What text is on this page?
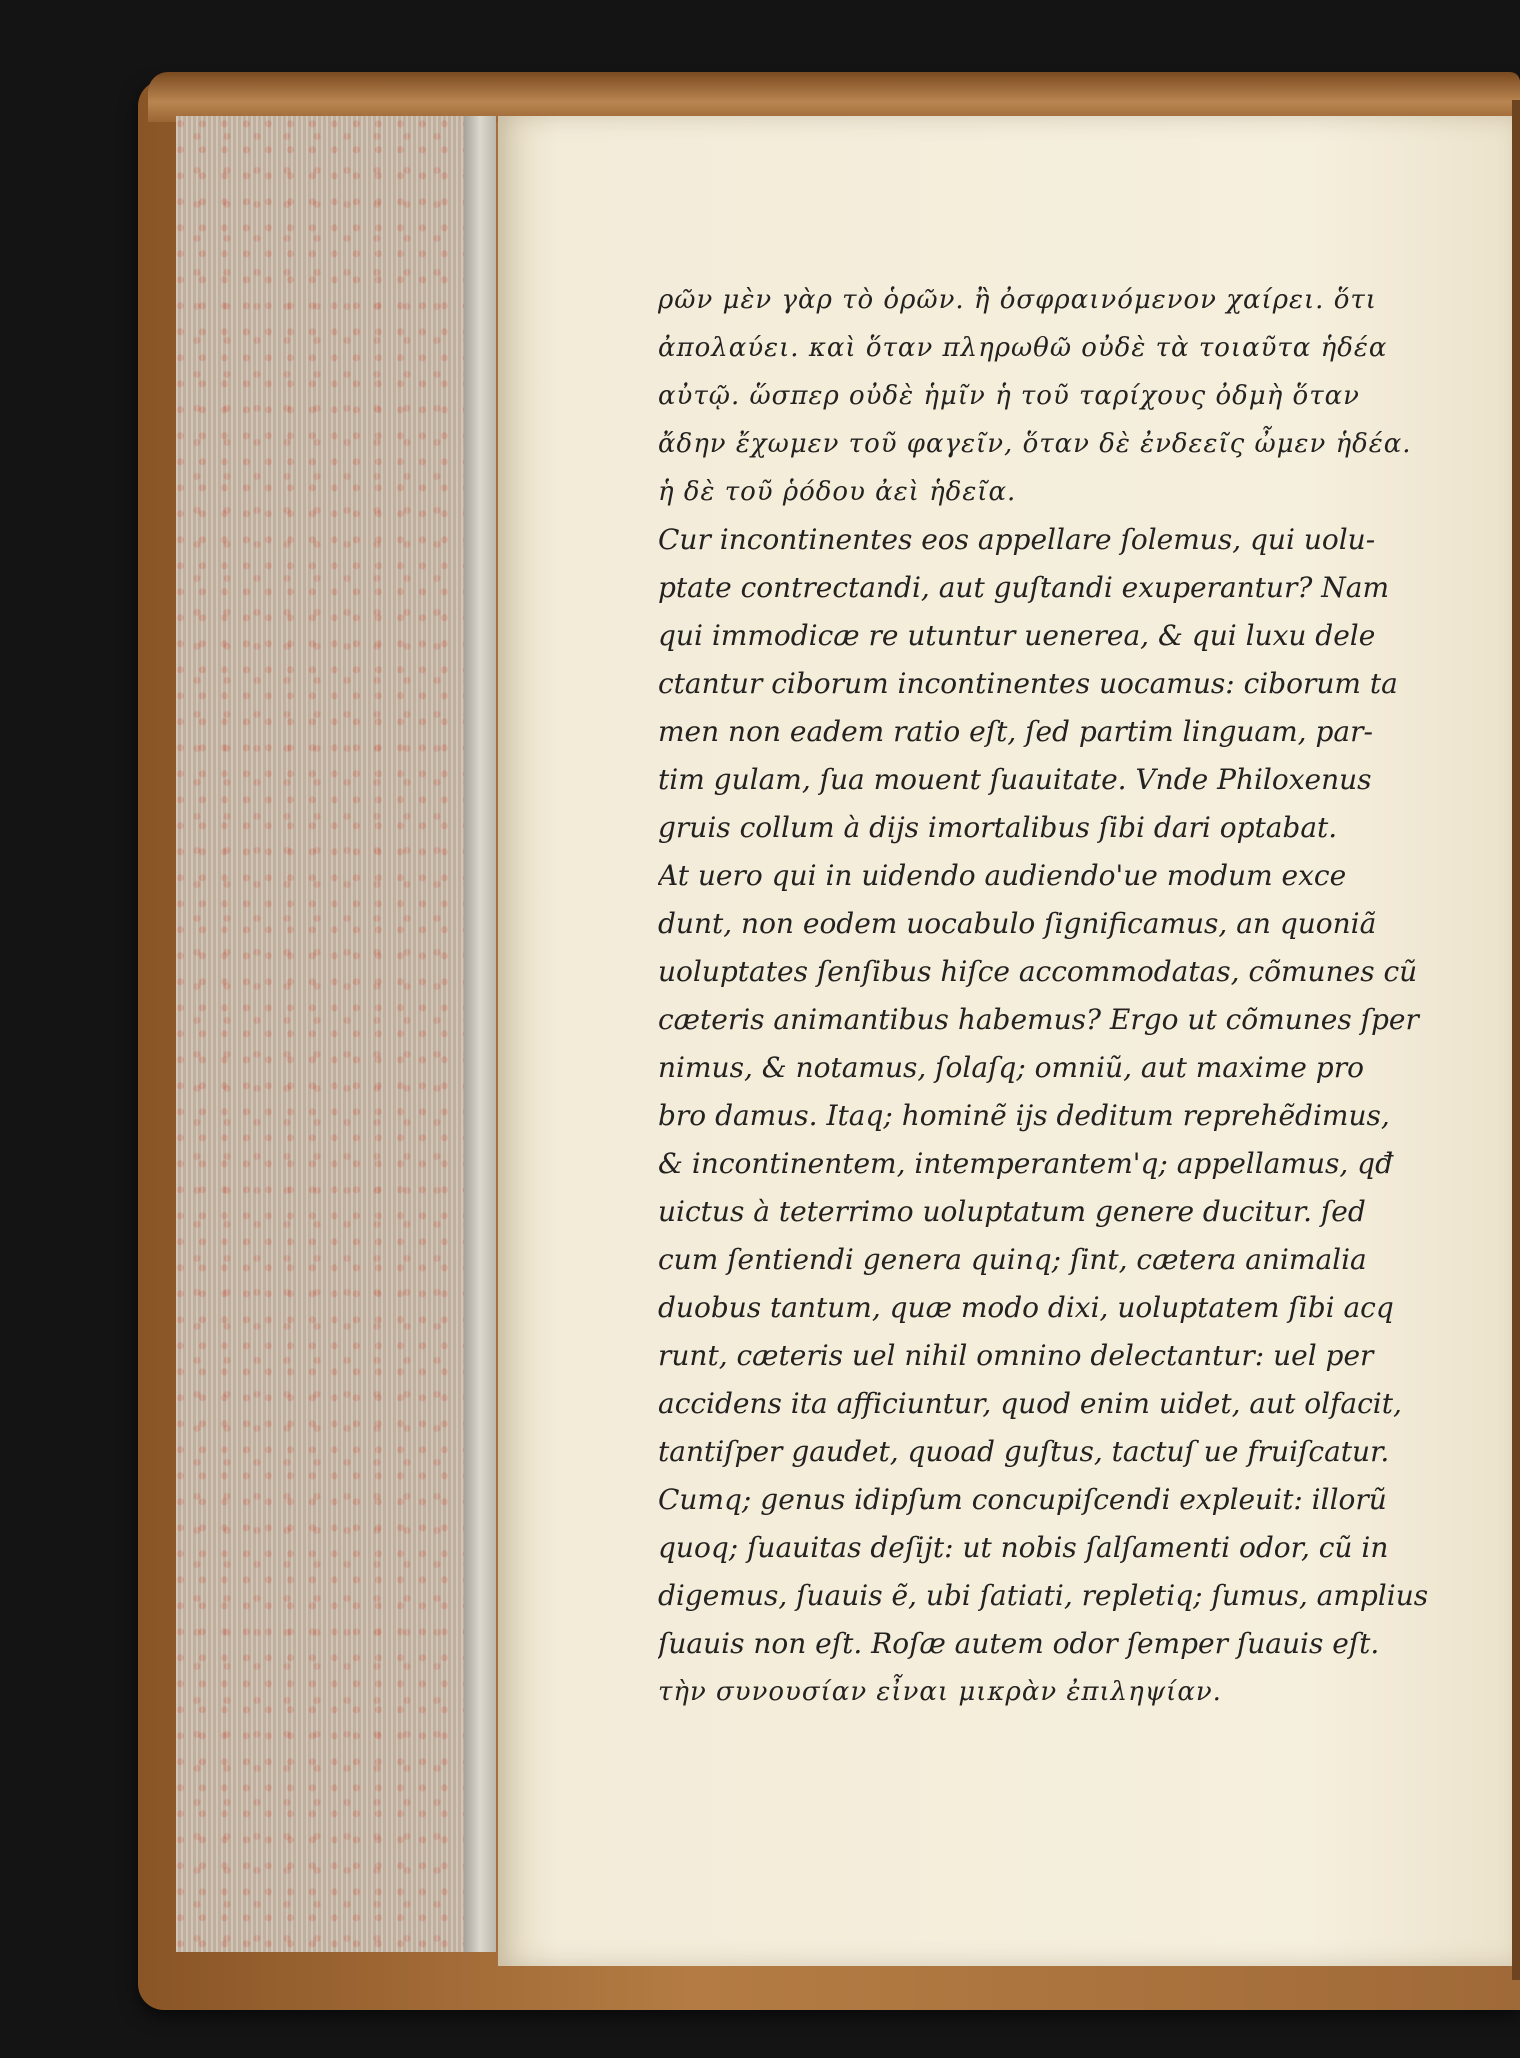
ρῶν μὲν γὰρ τὸ ὁρῶν. ἢ ὀσφραινόμενον χαίρει. ὅτι
ἀπολαύει. καὶ ὅταν πληρωθῶ οὐδὲ τὰ τοιαῦτα ἡδέα
αὐτῷ. ὥσπερ οὐδὲ ἡμῖν ἡ τοῦ ταρίχους ὀδμὴ ὅταν
ἄδην ἔχωμεν τοῦ φαγεῖν, ὅταν δὲ ἐνδεεῖς ὦμεν ἡδέα.
ἡ δὲ τοῦ ῥόδου ἀεὶ ἡδεῖα.
Cur incontinentes eos appellare ſolemus, qui uolu-
ptate contrectandi, aut guſtandi exuperantur? Nam
qui immodicæ re utuntur uenerea, & qui luxu dele
ctantur ciborum incontinentes uocamus: ciborum ta
men non eadem ratio eſt, ſed partim linguam, par-
tim gulam, ſua mouent ſuauitate. Vnde Philoxenus
gruis collum à dijs imortalibus ſibi dari optabat.
At uero qui in uidendo audiendo'ue modum exce
dunt, non eodem uocabulo ſignificamus, an quoniã
uoluptates ſenſibus hiſce accommodatas, cõmunes cũ
cæteris animantibus habemus? Ergo ut cõmunes ſper
nimus, & notamus, ſolaſq; omniũ, aut maxime pro
bro damus. Itaq; hominẽ ijs deditum reprehẽdimus,
& incontinentem, intemperantem'q; appellamus, qđ
uictus à teterrimo uoluptatum genere ducitur. ſed
cum ſentiendi genera quinq; ſint, cætera animalia
duobus tantum, quæ modo dixi, uoluptatem ſibi acq
runt, cæteris uel nihil omnino delectantur: uel per
accidens ita afficiuntur, quod enim uidet, aut olfacit,
tantiſper gaudet, quoad guſtus, tactuſ ue fruiſcatur.
Cumq; genus idipſum concupiſcendi expleuit: illorũ
quoq; ſuauitas deſijt: ut nobis ſalſamenti odor, cũ in
digemus, ſuauis ẽ, ubi ſatiati, repletiq; ſumus, amplius
ſuauis non eſt. Roſæ autem odor ſemper ſuauis eſt.
τὴν συνουσίαν εἶναι μικρὰν ἐπιληψίαν.
